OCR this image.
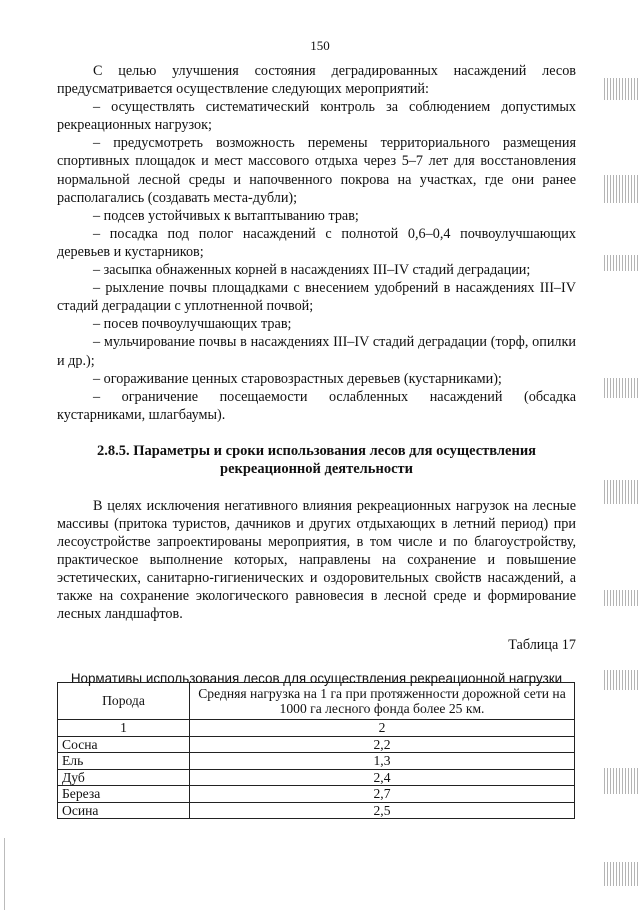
150

С целью улучшения состояния деградированных насаждений лесов предусматривается осуществление следующих мероприятий:

– осуществлять систематический контроль за соблюдением допустимых рекреационных нагрузок;

– предусмотреть возможность перемены территориального размещения спортивных площадок и мест массового отдыха через 5–7 лет для восстановления нормальной лесной среды и напочвенного покрова на участках, где они ранее располагались (создавать места-дубли);

– подсев устойчивых к вытаптыванию трав;

– посадка под полог насаждений с полнотой 0,6–0,4 почвоулучшающих деревьев и кустарников;

– засыпка обнаженных корней в насаждениях III–IV стадий деградации;

– рыхление почвы площадками с внесением удобрений в насаждениях III–IV стадий деградации с уплотненной почвой;

– посев почвоулучшающих трав;

– мульчирование почвы в насаждениях III–IV стадий деградации (торф, опилки и др.);

– огораживание ценных старовозрастных деревьев (кустарниками);

– ограничение посещаемости ослабленных насаждений (обсадка кустарниками, шлагбаумы).

2.8.5. Параметры и сроки использования лесов для осуществления рекреационной деятельности

В целях исключения негативного влияния рекреационных нагрузок на лесные массивы (притока туристов, дачников и других отдыхающих в летний период) при лесоустройстве запроектированы мероприятия, в том числе и по благоустройству, практическое выполнение которых, направлены на сохранение и повышение эстетических, санитарно-гигиенических и оздоровительных свойств насаждений, а также на сохранение экологического равновесия в лесной среде и формирование лесных ландшафтов.

Таблица 17

Нормативы использования лесов для осуществления рекреационной нагрузки

Порода	Средняя нагрузка на 1 га при протяженности дорожной сети на 1000 га лесного фонда более 25 км.
1	2
Сосна	2,2
Ель	1,3
Дуб	2,4
Береза	2,7
Осина	2,5
